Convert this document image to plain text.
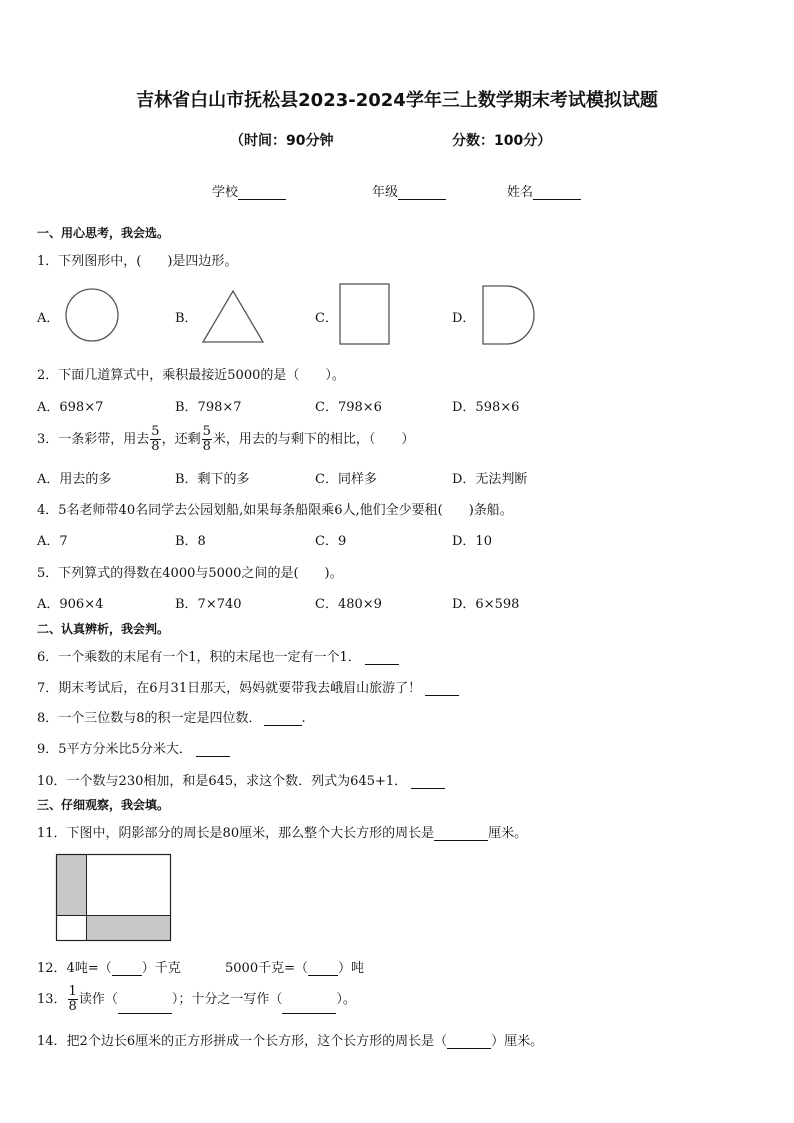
吉林省白山市抚松县2023-2024学年三上数学期末考试模拟试题
（时间：90分钟	分数：100分）
学校	年级	姓名
一、用心思考，我会选。
1．下列图形中，(　　)是四边形。
A．	B．	C．	D．
2．下面几道算式中，乘积最接近5000的是（　　）。
A．698×7	B．798×7	C．798×6	D．598×6
3．一条彩带，用去 $\frac{5}{8}$ ，还剩 $\frac{5}{8}$ 米，用去的与剩下的相比，（　　）
A．用去的多	B．剩下的多	C．同样多	D．无法判断
4．5名老师带40名同学去公园划船,如果每条船限乘6人,他们全少要租(　　)条船。
A．7	B．8	C．9	D．10
5．下列算式的得数在4000与5000之间的是(　　)。
A．906×4	B．7×740	C．480×9	D．6×598
二、认真辨析，我会判。
6．一个乘数的末尾有一个1，积的末尾也一定有一个1．
7．期末考试后，在6月31日那天，妈妈就要带我去峨眉山旅游了！
8．一个三位数与8的积一定是四位数．	.
9．5平方分米比5分米大．
10．一个数与230相加，和是645，求这个数．列式为645+1．
三、仔细观察，我会填。
11．下图中，阴影部分的周长是80厘米，那么整个大长方形的周长是	厘米。
12．4吨=（ ）千克	5000千克=（ ）吨
13． $\frac{1}{8}$ 读作（	）；十分之一写作（	）。
14．把2个边长6厘米的正方形拼成一个长方形，这个长方形的周长是（	）厘米。
